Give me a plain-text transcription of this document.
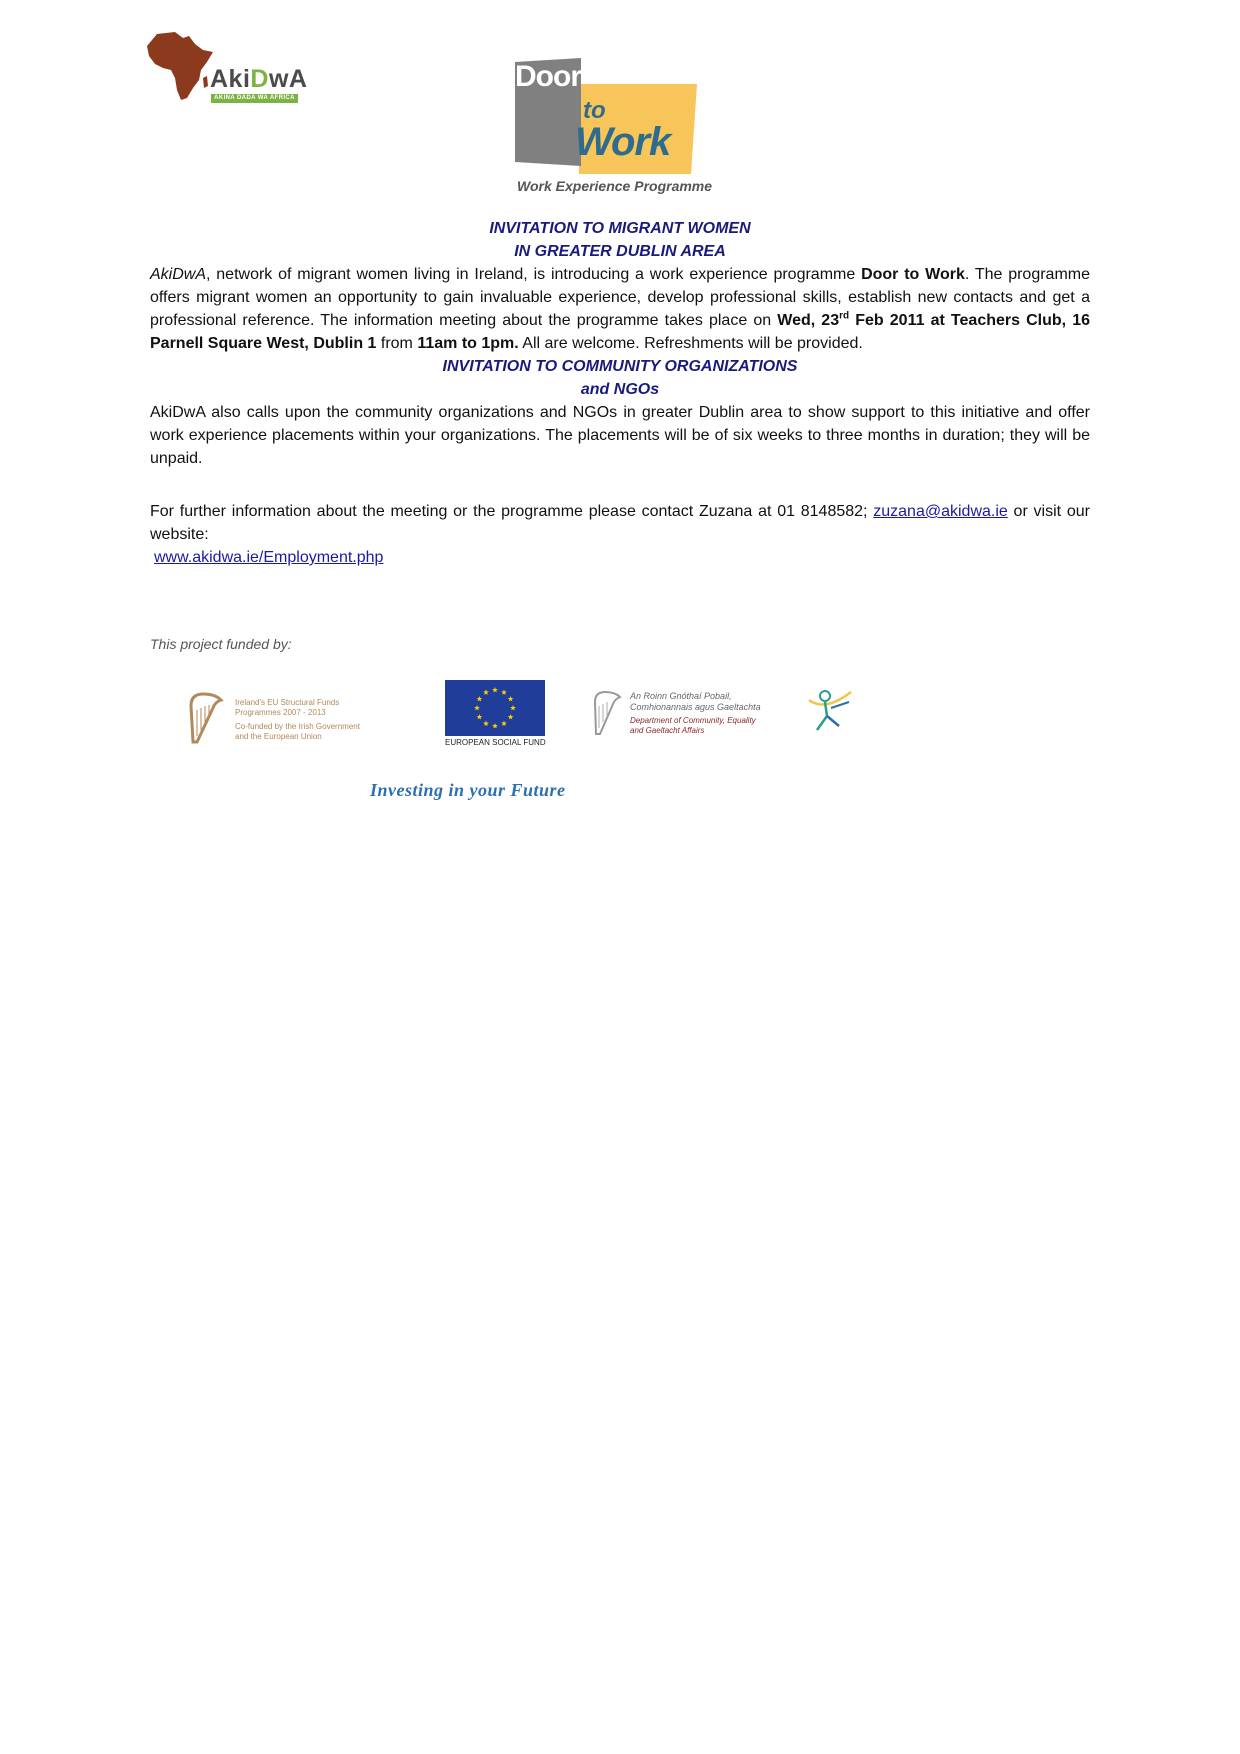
AkiDwA
AKINA DADA WA AFRICA
Door
to
Work
Work Experience Programme

INVITATION TO MIGRANT WOMEN

IN GREATER DUBLIN AREA

AkiDwA, network of migrant women living in Ireland, is introducing a work experience programme Door to Work. The programme offers migrant women an opportunity to gain invaluable experience, develop professional skills, establish new contacts and get a professional reference. The information meeting about the programme takes place on Wed, 23rd Feb 2011 at Teachers Club, 16 Parnell Square West, Dublin 1 from 11am to 1pm. All are welcome. Refreshments will be provided.

INVITATION TO COMMUNITY ORGANIZATIONS

and NGOs

AkiDwA also calls upon the community organizations and NGOs in greater Dublin area to show support to this initiative and offer work experience placements within your organizations. The placements will be of six weeks to three months in duration; they will be unpaid.

For further information about the meeting or the programme please contact Zuzana at 01 8148582; zuzana@akidwa.ie or visit our website:

www.akidwa.ie/Employment.php

This project funded by:
Ireland's EU Structural Funds
Programmes 2007 - 2013
Co-funded by the Irish Government
and the European Union
EUROPEAN SOCIAL FUND
An Roinn Gnóthaí Pobail,
Comhionannais agus Gaeltachta
Department of Community, Equality
and Gaeltacht Affairs
Investing in your Future
